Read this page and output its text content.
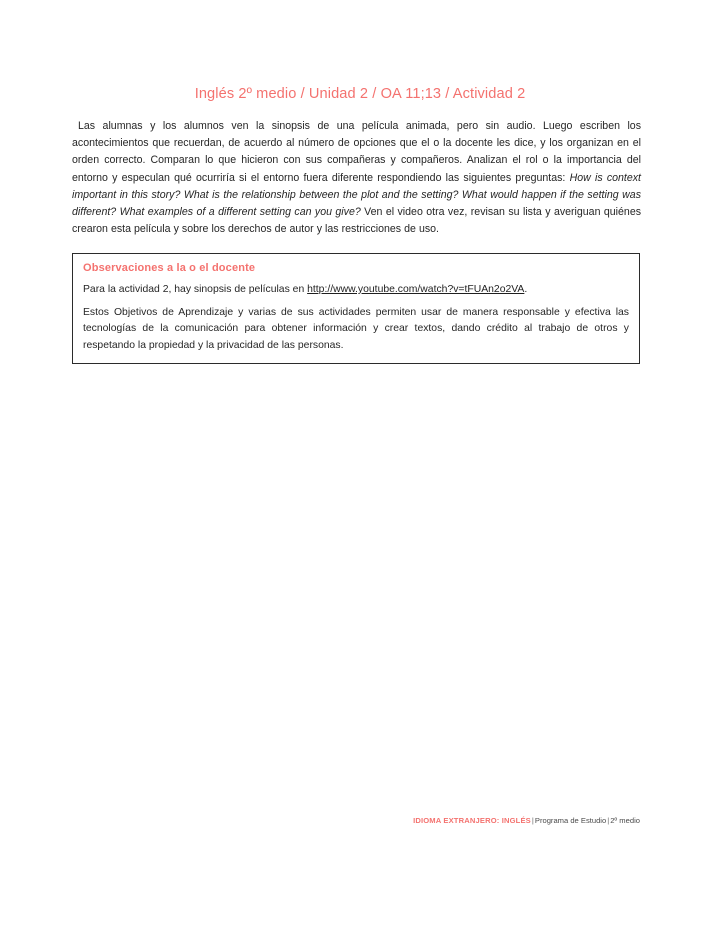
Inglés 2º medio / Unidad 2 / OA 11;13 / Actividad 2

Las alumnas y los alumnos ven la sinopsis de una película animada, pero sin audio. Luego escriben los acontecimientos que recuerdan, de acuerdo al número de opciones que el o la docente les dice, y los organizan en el orden correcto. Comparan lo que hicieron con sus compañeras y compañeros. Analizan el rol o la importancia del entorno y especulan qué ocurriría si el entorno fuera diferente respondiendo las siguientes preguntas: How is context important in this story? What is the relationship between the plot and the setting? What would happen if the setting was different? What examples of a different setting can you give? Ven el video otra vez, revisan su lista y averiguan quiénes crearon esta película y sobre los derechos de autor y las restricciones de uso.

Observaciones a la o el docente

Para la actividad 2, hay sinopsis de películas en http://www.youtube.com/watch?v=tFUAn2o2VA.

Estos Objetivos de Aprendizaje y varias de sus actividades permiten usar de manera responsable y efectiva las tecnologías de la comunicación para obtener información y crear textos, dando crédito al trabajo de otros y respetando la propiedad y la privacidad de las personas.

IDIOMA EXTRANJERO: INGLÉS|Programa de Estudio|2º medio
